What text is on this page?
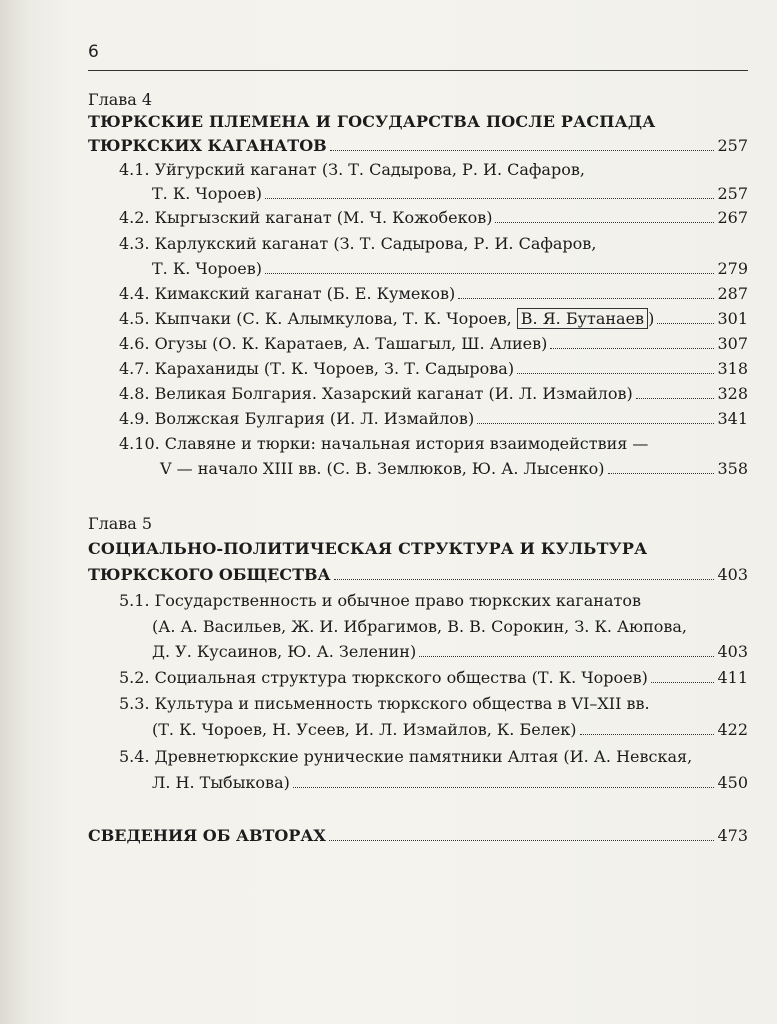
6
Глава 4
ТЮРКСКИЕ ПЛЕМЕНА И ГОСУДАРСТВА ПОСЛЕ РАСПАДА
ТЮРКСКИХ КАГАНАТОВ	257
4.1. Уйгурский каганат (З. Т. Садырова, Р. И. Сафаров,
Т. К. Чороев)	257
4.2. Кыргызский каганат (М. Ч. Кожобеков)	267
4.3. Карлукский каганат (З. Т. Садырова, Р. И. Сафаров,
Т. К. Чороев)	279
4.4. Кимакский каганат (Б. Е. Кумеков)	287
4.5. Кыпчаки (С. К. Алымкулова, Т. К. Чороев, В. Я. Бутанаев )	301
4.6. Огузы (О. К. Каратаев, А. Ташагыл, Ш. Алиев)	307
4.7. Караханиды (Т. К. Чороев, З. Т. Садырова)	318
4.8. Великая Болгария. Хазарский каганат (И. Л. Измайлов)	328
4.9. Волжская Булгария (И. Л. Измайлов)	341
4.10. Славяне и тюрки: начальная история взаимодействия —
V — начало XIII вв. (С. В. Землюков, Ю. А. Лысенко)	358
Глава 5
СОЦИАЛЬНО-ПОЛИТИЧЕСКАЯ СТРУКТУРА И КУЛЬТУРА
ТЮРКСКОГО ОБЩЕСТВА	403
5.1. Государственность и обычное право тюркских каганатов
(А. А. Васильев, Ж. И. Ибрагимов, В. В. Сорокин, З. К. Аюпова,
Д. У. Кусаинов, Ю. А. Зеленин)	403
5.2. Социальная структура тюркского общества (Т. К. Чороев)	411
5.3. Культура и письменность тюркского общества в VI–XII вв.
(Т. К. Чороев, Н. Усеев, И. Л. Измайлов, К. Белек)	422
5.4. Древнетюркские рунические памятники Алтая (И. А. Невская,
Л. Н. Тыбыкова)	450
СВЕДЕНИЯ ОБ АВТОРАХ	473
